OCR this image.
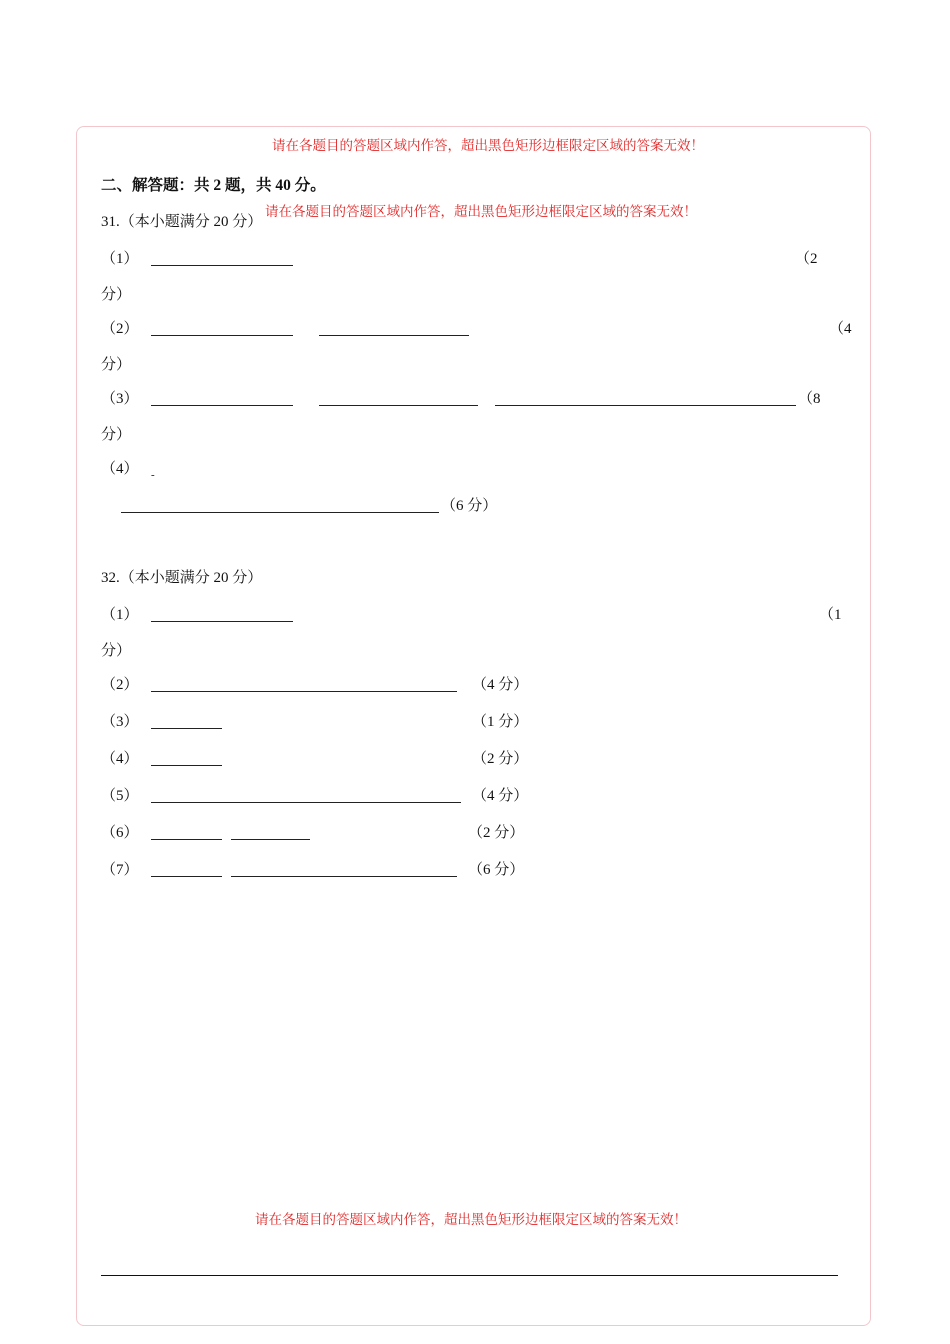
请在各题目的答题区域内作答，超出黑色矩形边框限定区域的答案无效！
请在各题目的答题区域内作答，超出黑色矩形边框限定区域的答案无效！
请在各题目的答题区域内作答，超出黑色矩形边框限定区域的答案无效！
二、解答题：共 2 题，共 40 分。
31.（本小题满分 20 分）
（1）	（2
分）
（2）	（4
分）
（3）	（8
分）
（4） -
（6 分）
32.（本小题满分 20 分）
（1）	（1
分）
（2）	（4 分）
（3）	（1 分）
（4）	（2 分）
（5）	（4 分）
（6）	（2 分）
（7）	（6 分）
